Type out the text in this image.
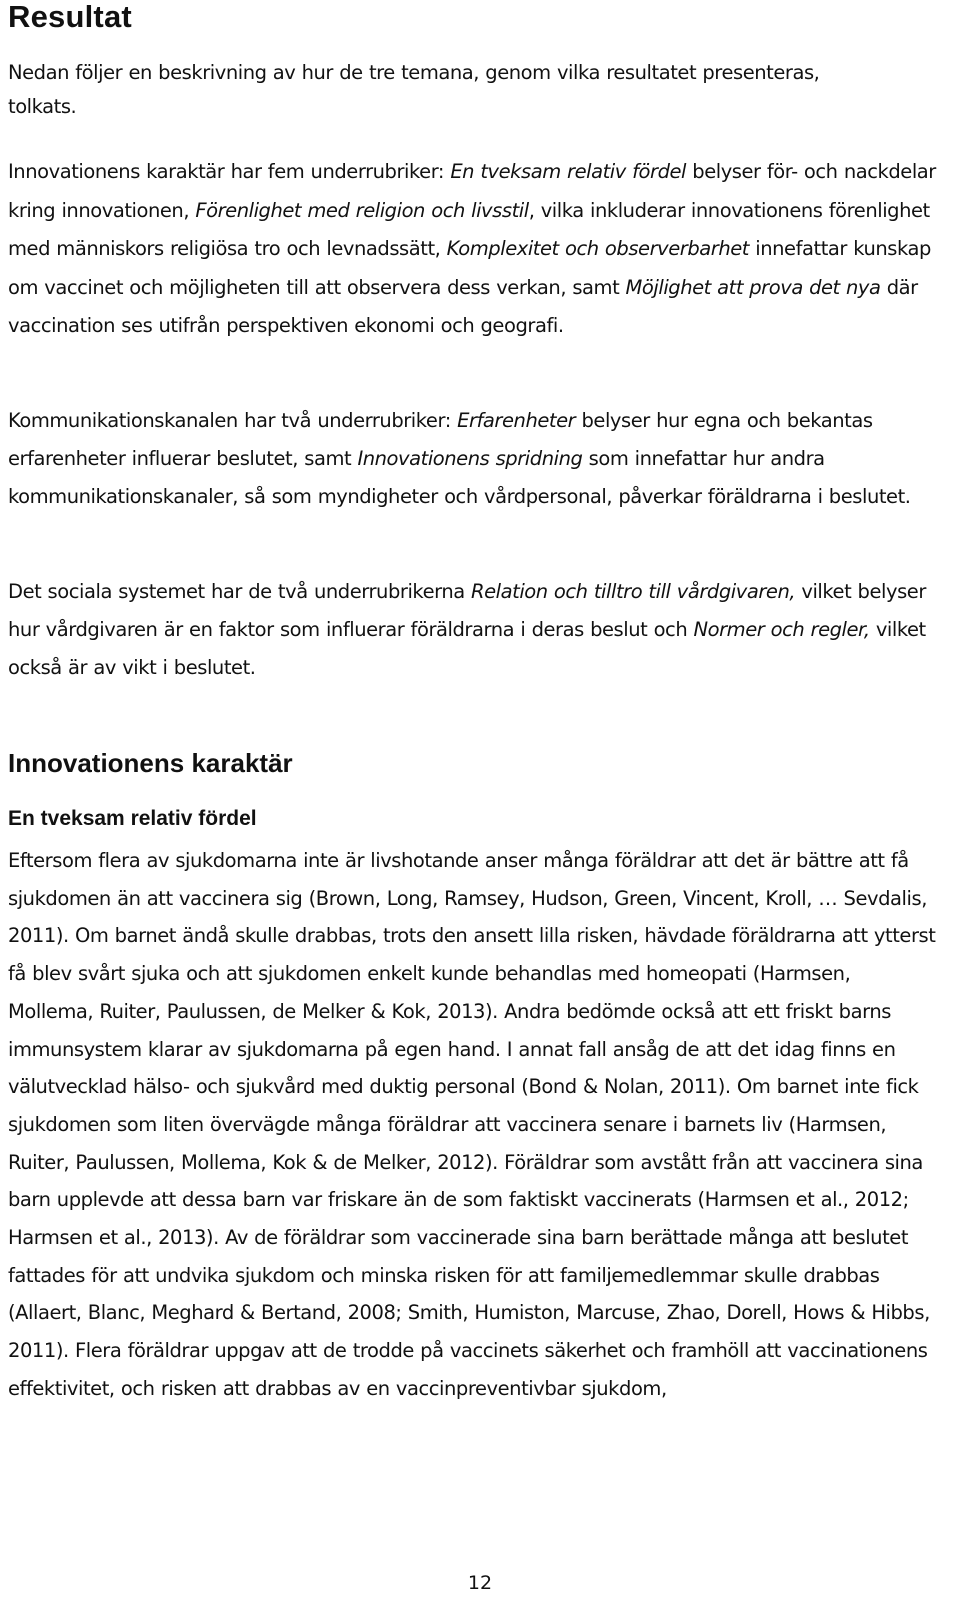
Resultat

Nedan följer en beskrivning av hur de tre temana, genom vilka resultatet presenteras, tolkats.

Innovationens karaktär har fem underrubriker: En tveksam relativ fördel belyser för- och nackdelar kring innovationen, Förenlighet med religion och livsstil, vilka inkluderar innovationens förenlighet med människors religiösa tro och levnadssätt, Komplexitet och observerbarhet innefattar kunskap om vaccinet och möjligheten till att observera dess verkan, samt Möjlighet att prova det nya där vaccination ses utifrån perspektiven ekonomi och geografi.

Kommunikationskanalen har två underrubriker: Erfarenheter belyser hur egna och bekantas erfarenheter influerar beslutet, samt Innovationens spridning som innefattar hur andra kommunikationskanaler, så som myndigheter och vårdpersonal, påverkar föräldrarna i beslutet.

Det sociala systemet har de två underrubrikerna Relation och tilltro till vårdgivaren, vilket belyser hur vårdgivaren är en faktor som influerar föräldrarna i deras beslut och Normer och regler, vilket också är av vikt i beslutet.

Innovationens karaktär
En tveksam relativ fördel

Eftersom flera av sjukdomarna inte är livshotande anser många föräldrar att det är bättre att få sjukdomen än att vaccinera sig (Brown, Long, Ramsey, Hudson, Green, Vincent, Kroll, … Sevdalis, 2011). Om barnet ändå skulle drabbas, trots den ansett lilla risken, hävdade föräldrarna att ytterst få blev svårt sjuka och att sjukdomen enkelt kunde behandlas med homeopati (Harmsen, Mollema, Ruiter, Paulussen, de Melker & Kok, 2013). Andra bedömde också att ett friskt barns immunsystem klarar av sjukdomarna på egen hand. I annat fall ansåg de att det idag finns en välutvecklad hälso- och sjukvård med duktig personal (Bond & Nolan, 2011). Om barnet inte fick sjukdomen som liten övervägde många föräldrar att vaccinera senare i barnets liv (Harmsen, Ruiter, Paulussen, Mollema, Kok & de Melker, 2012). Föräldrar som avstått från att vaccinera sina barn upplevde att dessa barn var friskare än de som faktiskt vaccinerats (Harmsen et al., 2012; Harmsen et al., 2013). Av de föräldrar som vaccinerade sina barn berättade många att beslutet fattades för att undvika sjukdom och minska risken för att familjemedlemmar skulle drabbas (Allaert, Blanc, Meghard & Bertand, 2008; Smith, Humiston, Marcuse, Zhao, Dorell, Hows & Hibbs, 2011). Flera föräldrar uppgav att de trodde på vaccinets säkerhet och framhöll att vaccinationens effektivitet, och risken att drabbas av en vaccinpreventivbar sjukdom,

12
